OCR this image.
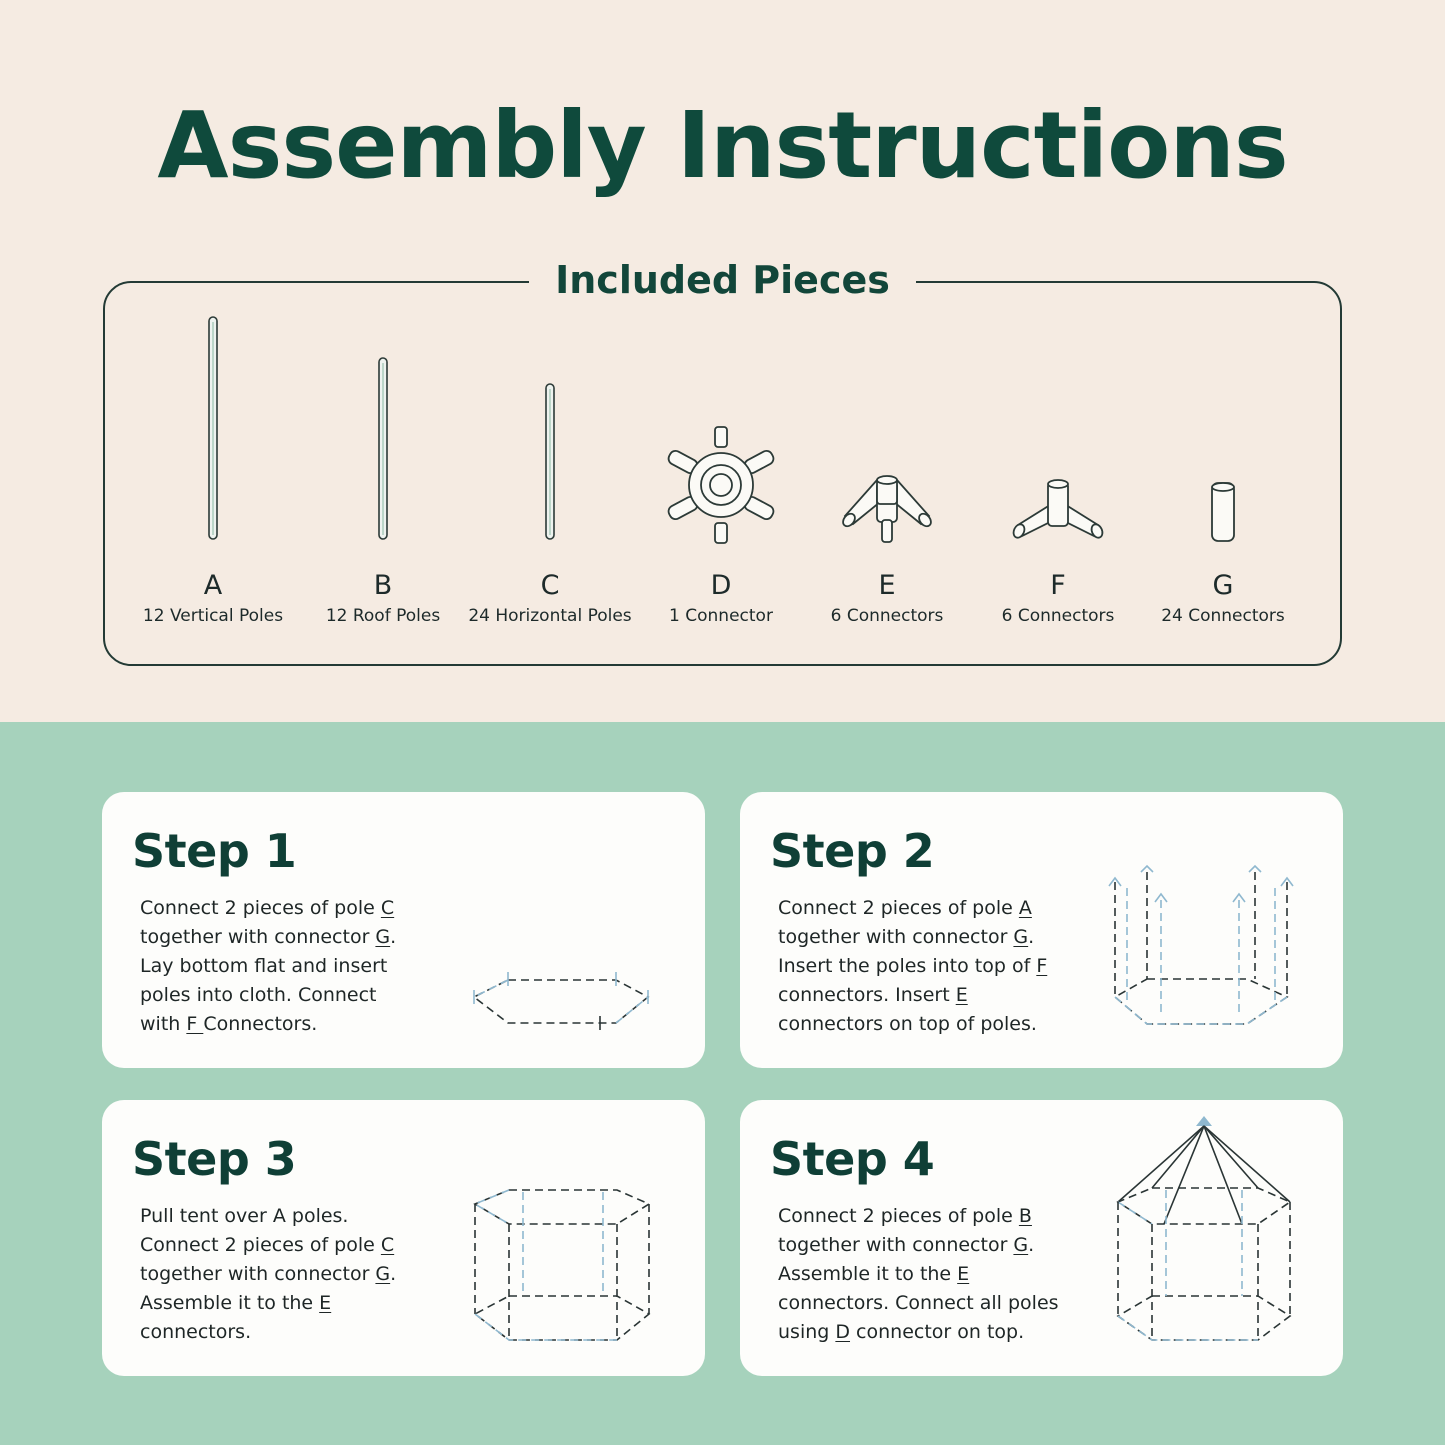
Assembly Instructions
Included Pieces
A
12 Vertical Poles
B
12 Roof Poles
C
24 Horizontal Poles
D
1 Connector
E
6 Connectors
F
6 Connectors
G
24 Connectors
Step 1
Connect 2 pieces of pole C
together with connector G.
Lay bottom flat and insert
poles into cloth. Connect
with F Connectors.
Step 2
Connect 2 pieces of pole A
together with connector G.
Insert the poles into top of F
connectors. Insert E
connectors on top of poles.
Step 3
Pull tent over A poles.
Connect 2 pieces of pole C
together with connector G.
Assemble it to the E
connectors.
Step 4
Connect 2 pieces of pole B
together with connector G.
Assemble it to the E
connectors. Connect all poles
using D connector on top.
